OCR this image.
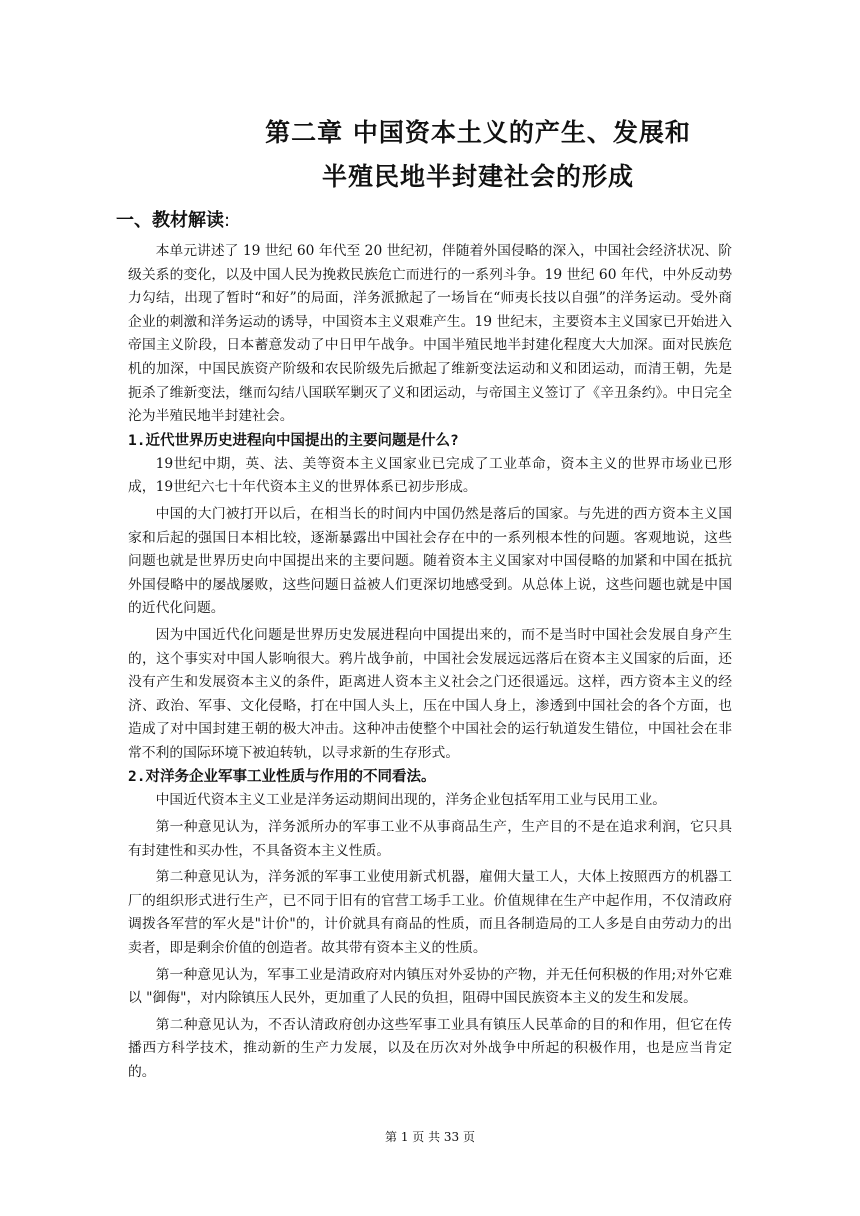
第二章 中国资本土义的产生、发展和
半殖民地半封建社会的形成
一、教材解读:

本单元讲述了 19 世纪 60 年代至 20 世纪初，伴随着外国侵略的深入，中国社会经济状况、阶级关系的变化，以及中国人民为挽救民族危亡而进行的一系列斗争。19 世纪 60 年代，中外反动势力勾结，出现了暂时“和好”的局面，洋务派掀起了一场旨在“师夷长技以自强”的洋务运动。受外商企业的刺激和洋务运动的诱导，中国资本主义艰难产生。19 世纪末，主要资本主义国家已开始进入帝国主义阶段，日本蓄意发动了中日甲午战争。中国半殖民地半封建化程度大大加深。面对民族危机的加深，中国民族资产阶级和农民阶级先后掀起了维新变法运动和义和团运动，而清王朝，先是扼杀了维新变法，继而勾结八国联军剿灭了义和团运动，与帝国主义签订了《辛丑条约》。中日完全沦为半殖民地半封建社会。

1.近代世界历史进程向中国提出的主要问题是什么?

19世纪中期，英、法、美等资本主义国家业已完成了工业革命，资本主义的世界市场业已形成，19世纪六七十年代资本主义的世界体系已初步形成。

中国的大门被打开以后，在相当长的时间内中国仍然是落后的国家。与先进的西方资本主义国家和后起的强国日本相比较，逐渐暴露出中国社会存在中的一系列根本性的问题。客观地说，这些问题也就是世界历史向中国提出来的主要问题。随着资本主义国家对中国侵略的加紧和中国在抵抗外国侵略中的屡战屡败，这些问题日益被人们更深切地感受到。从总体上说，这些问题也就是中国的近代化问题。

因为中国近代化问题是世界历史发展进程向中国提出来的，而不是当时中国社会发展自身产生的，这个事实对中国人影响很大。鸦片战争前，中国社会发展远远落后在资本主义国家的后面，还没有产生和发展资本主义的条件，距离进人资本主义社会之门还很遥远。这样，西方资本主义的经济、政治、军事、文化侵略，打在中国人头上，压在中国人身上，渗透到中国社会的各个方面，也造成了对中国封建王朝的极大冲击。这种冲击使整个中国社会的运行轨道发生错位，中国社会在非常不利的国际环境下被迫转轨，以寻求新的生存形式。

2.对洋务企业军事工业性质与作用的不同看法。

中国近代资本主义工业是洋务运动期间出现的，洋务企业包括军用工业与民用工业。

第一种意见认为，洋务派所办的军事工业不从事商品生产，生产目的不是在追求利润，它只具有封建性和买办性，不具备资本主义性质。

第二种意见认为，洋务派的军事工业使用新式机器，雇佣大量工人，大体上按照西方的机器工厂的组织形式进行生产，已不同于旧有的官营工场手工业。价值规律在生产中起作用，不仅清政府调拨各军营的军火是"计价"的，计价就具有商品的性质，而且各制造局的工人多是自由劳动力的出卖者，即是剩余价值的创造者。故其带有资本主义的性质。

第一种意见认为，军事工业是清政府对内镇压对外妥协的产物，并无任何积极的作用;对外它难以 "御侮"，对内除镇压人民外，更加重了人民的负担，阻碍中国民族资本主义的发生和发展。

第二种意见认为，不否认清政府创办这些军事工业具有镇压人民革命的目的和作用，但它在传播西方科学技术，推动新的生产力发展，以及在历次对外战争中所起的积极作用，也是应当肯定的。

第 1 页 共 33 页
